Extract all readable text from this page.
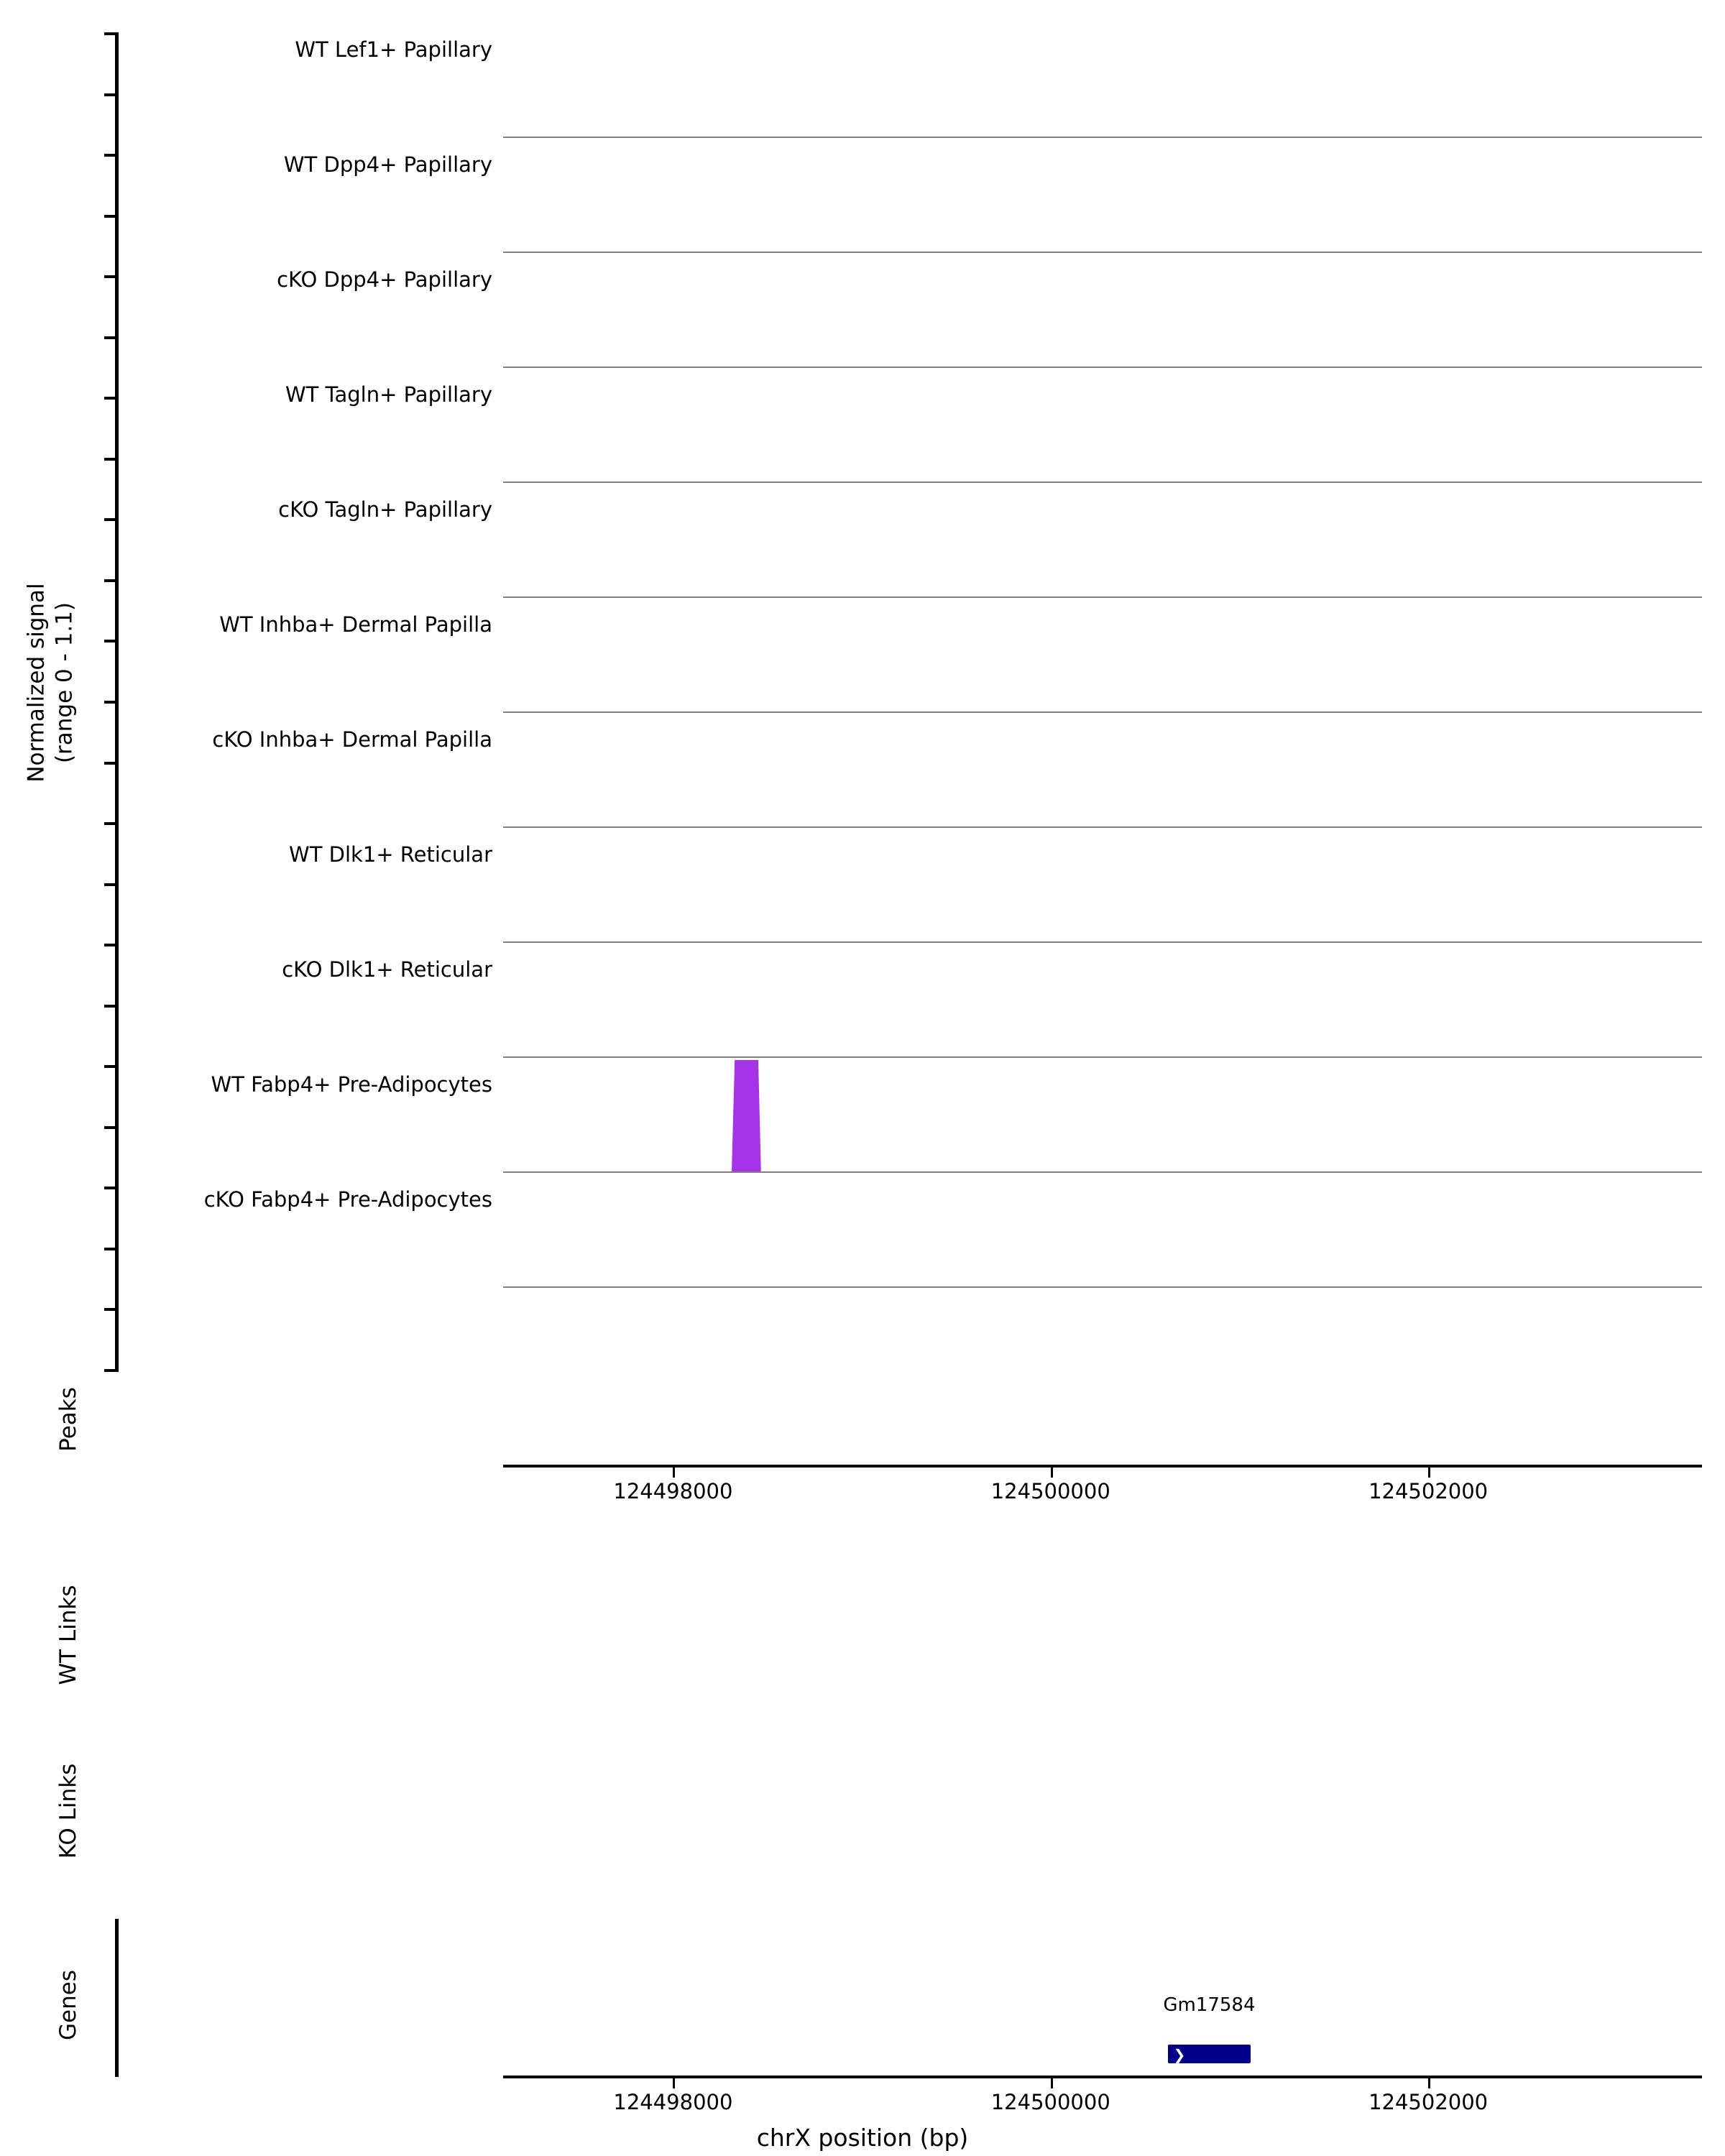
Normalized signal
(range 0 - 1.1)
Peaks
WT Links
KO Links
Genes
124498000	124500000	124502000
❯
Gm17584
124498000	124500000	124502000
chrX position (bp)
WT Lef1+ Papillary
WT Dpp4+ Papillary
cKO Dpp4+ Papillary
WT Tagln+ Papillary
cKO Tagln+ Papillary
WT Inhba+ Dermal Papilla
cKO Inhba+ Dermal Papilla
WT Dlk1+ Reticular
cKO Dlk1+ Reticular
WT Fabp4+ Pre-Adipocytes
cKO Fabp4+ Pre-Adipocytes
